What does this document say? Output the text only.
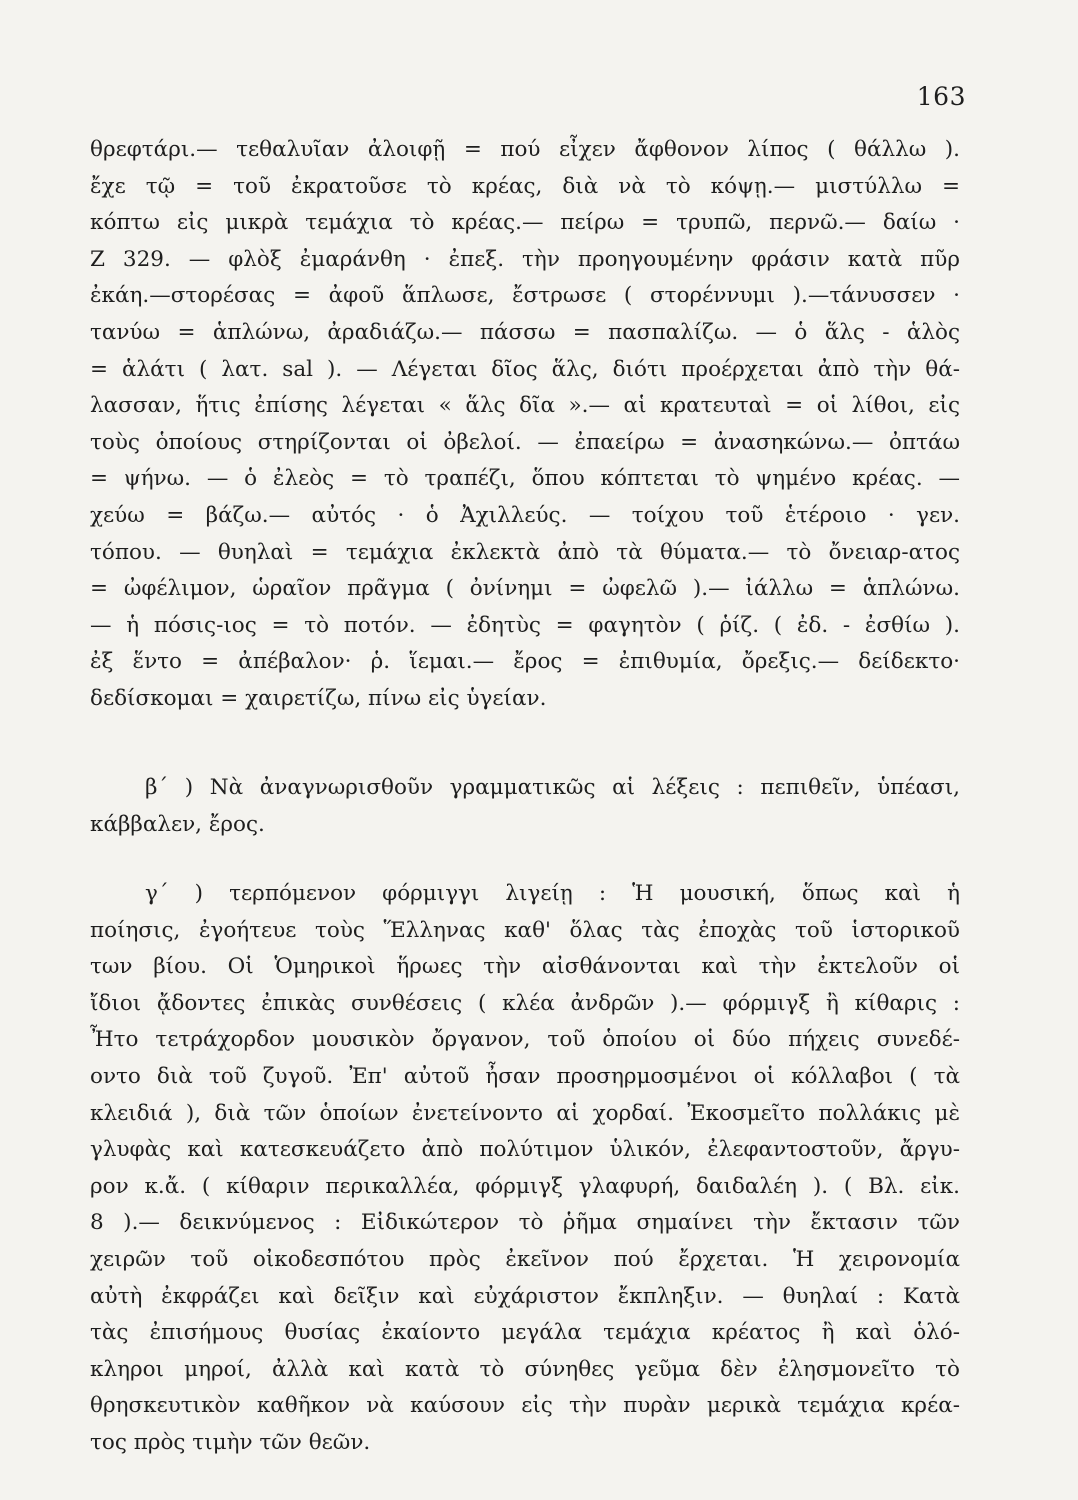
163
θρεφτάρι.— τεθαλυῖαν ἀλοιφῇ = πού εἶχεν ἄφθονον λίπος ( θάλλω ).
ἔχε τῷ = τοῦ ἐκρατοῦσε τὸ κρέας, διὰ νὰ τὸ κόψῃ.— μιστύλλω =
κόπτω εἰς μικρὰ τεμάχια τὸ κρέας.— πείρω = τρυπῶ, περνῶ.— δαίω ·
Ζ 329. — φλὸξ ἐμαράνθη · ἐπεξ. τὴν προηγουμένην φράσιν κατὰ πῦρ
ἐκάη.—στορέσας = ἀφοῦ ἅπλωσε, ἔστρωσε ( στορέννυμι ).—τάνυσσεν ·
τανύω = ἁπλώνω, ἀραδιάζω.— πάσσω = πασπαλίζω. — ὁ ἅλς - ἁλὸς
= ἁλάτι ( λατ. sal ). — Λέγεται δῖος ἅλς, διότι προέρχεται ἀπὸ τὴν θά-
λασσαν, ἥτις ἐπίσης λέγεται « ἅλς δῖα ».— αἱ κρατευταὶ = οἱ λίθοι, εἰς
τοὺς ὁποίους στηρίζονται οἱ ὀβελοί. — ἐπαείρω = ἀνασηκώνω.— ὀπτάω
= ψήνω. — ὁ ἐλεὸς = τὸ τραπέζι, ὅπου κόπτεται τὸ ψημένο κρέας. —
χεύω = βάζω.— αὐτός · ὁ Ἀχιλλεύς. — τοίχου τοῦ ἑτέροιο · γεν.
τόπου. — θυηλαὶ = τεμάχια ἐκλεκτὰ ἀπὸ τὰ θύματα.— τὸ ὄνειαρ-ατος
= ὠφέλιμον, ὡραῖον πρᾶγμα ( ὀνίνημι = ὠφελῶ ).— ἰάλλω = ἁπλώνω.
— ἡ πόσις-ιος = τὸ ποτόν. — ἐδητὺς = φαγητὸν ( ῥίζ. ( ἐδ. - ἐσθίω ).
ἐξ ἕντο = ἀπέβαλον· ῥ. ἵεμαι.— ἔρος = ἐπιθυμία, ὄρεξις.— δείδεκτο·
δεδίσκομαι = χαιρετίζω, πίνω εἰς ὑγείαν.
β΄ ) Νὰ ἀναγνωρισθοῦν γραμματικῶς αἱ λέξεις : πεπιθεῖν, ὑπέασι,
κάββαλεν, ἔρος.
γ΄ ) τερπόμενον φόρμιγγι λιγείῃ : Ἡ μουσική, ὅπως καὶ ἡ
ποίησις, ἐγοήτευε τοὺς Ἕλληνας καθ' ὅλας τὰς ἐποχὰς τοῦ ἱστορικοῦ
των βίου. Οἱ Ὁμηρικοὶ ἥρωες τὴν αἰσθάνονται καὶ τὴν ἐκτελοῦν οἱ
ἴδιοι ᾄδοντες ἐπικὰς συνθέσεις ( κλέα ἀνδρῶν ).— φόρμιγξ ἢ κίθαρις :
Ἦτο τετράχορδον μουσικὸν ὄργανον, τοῦ ὁποίου οἱ δύο πήχεις συνεδέ-
οντο διὰ τοῦ ζυγοῦ. Ἐπ' αὐτοῦ ἦσαν προσηρμοσμένοι οἱ κόλλαβοι ( τὰ
κλειδιά ), διὰ τῶν ὁποίων ἐνετείνοντο αἱ χορδαί. Ἐκοσμεῖτο πολλάκις μὲ
γλυφὰς καὶ κατεσκευάζετο ἀπὸ πολύτιμον ὑλικόν, ἐλεφαντοστοῦν, ἄργυ-
ρον κ.ἄ. ( κίθαριν περικαλλέα, φόρμιγξ γλαφυρή, δαιδαλέη ). ( Βλ. εἰκ.
8 ).— δεικνύμενος : Εἰδικώτερον τὸ ῥῆμα σημαίνει τὴν ἔκτασιν τῶν
χειρῶν τοῦ οἰκοδεσπότου πρὸς ἐκεῖνον πού ἔρχεται. Ἡ χειρονομία
αὐτὴ ἐκφράζει καὶ δεῖξιν καὶ εὐχάριστον ἔκπληξιν. — θυηλαί : Κατὰ
τὰς ἐπισήμους θυσίας ἐκαίοντο μεγάλα τεμάχια κρέατος ἢ καὶ ὁλό-
κληροι μηροί, ἀλλὰ καὶ κατὰ τὸ σύνηθες γεῦμα δὲν ἐλησμονεῖτο τὸ
θρησκευτικὸν καθῆκον νὰ καύσουν εἰς τὴν πυρὰν μερικὰ τεμάχια κρέα-
τος πρὸς τιμὴν τῶν θεῶν.
